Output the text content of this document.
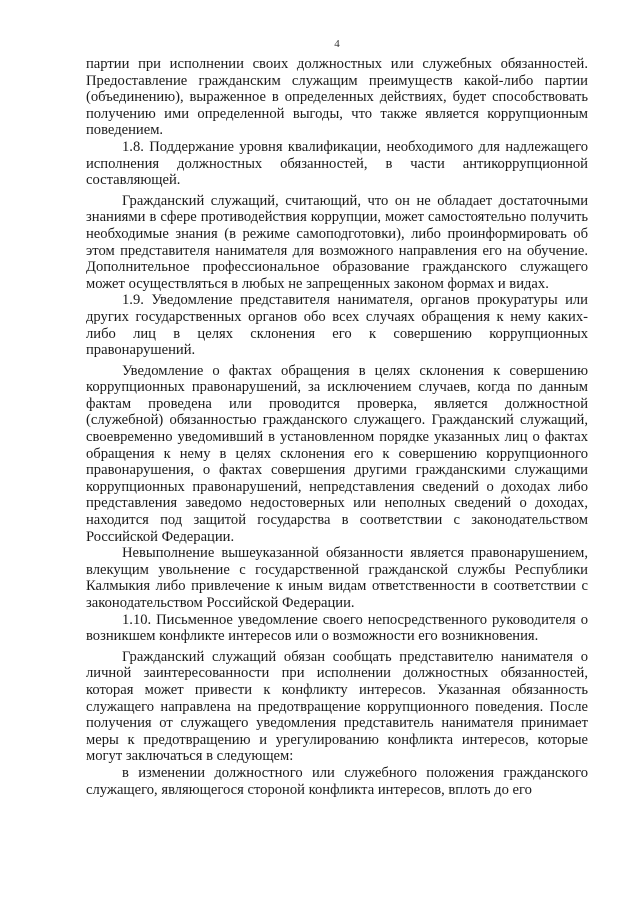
4

партии при исполнении своих должностных или служебных обязанностей. Предоставление гражданским служащим преимуществ какой-либо партии (объединению), выраженное в определенных действиях, будет способствовать получению ими определенной выгоды, что также является коррупционным поведением.

1.8. Поддержание уровня квалификации, необходимого для надлежащего исполнения должностных обязанностей, в части антикоррупционной составляющей.

Гражданский служащий, считающий, что он не обладает достаточными знаниями в сфере противодействия коррупции, может самостоятельно получить необходимые знания (в режиме самоподготовки), либо проинформировать об этом представителя нанимателя для возможного направления его на обучение. Дополнительное профессиональное образование гражданского служащего может осуществляться в любых не запрещенных законом формах и видах.

1.9. Уведомление представителя нанимателя, органов прокуратуры или других государственных органов обо всех случаях обращения к нему каких-либо лиц в целях склонения его к совершению коррупционных правонарушений.

Уведомление о фактах обращения в целях склонения к совершению коррупционных правонарушений, за исключением случаев, когда по данным фактам проведена или проводится проверка, является должностной (служебной) обязанностью гражданского служащего. Гражданский служащий, своевременно уведомивший в установленном порядке указанных лиц о фактах обращения к нему в целях склонения его к совершению коррупционного правонарушения, о фактах совершения другими гражданскими служащими коррупционных правонарушений, непредставления сведений о доходах либо представления заведомо недостоверных или неполных сведений о доходах, находится под защитой государства в соответствии с законодательством Российской Федерации.

Невыполнение вышеуказанной обязанности является правонарушением, влекущим увольнение с государственной гражданской службы Республики Калмыкия либо привлечение к иным видам ответственности в соответствии с законодательством Российской Федерации.

1.10. Письменное уведомление своего непосредственного руководителя о возникшем конфликте интересов или о возможности его возникновения.

Гражданский служащий обязан сообщать представителю нанимателя о личной заинтересованности при исполнении должностных обязанностей, которая может привести к конфликту интересов. Указанная обязанность служащего направлена на предотвращение коррупционного поведения. После получения от служащего уведомления представитель нанимателя принимает меры к предотвращению и урегулированию конфликта интересов, которые могут заключаться в следующем:

в изменении должностного или служебного положения гражданского служащего, являющегося стороной конфликта интересов, вплоть до его
